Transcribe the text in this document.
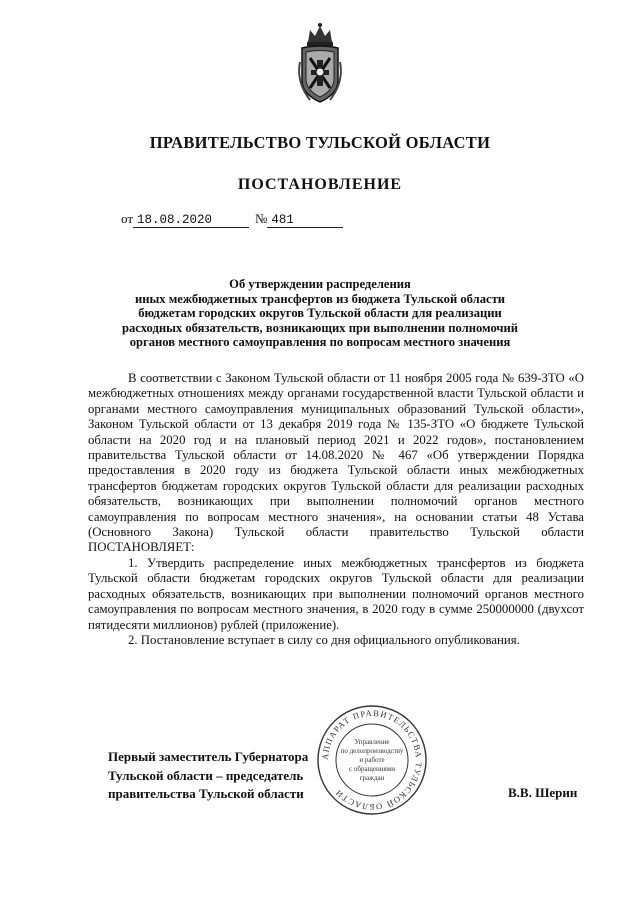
ПРАВИТЕЛЬСТВО ТУЛЬСКОЙ ОБЛАСТИ
ПОСТАНОВЛЕНИЕ
от 18.08.2020	№ 481
Об утверждении распределения
иных межбюджетных трансфертов из бюджета Тульской области
бюджетам городских округов Тульской области для реализации
расходных обязательств, возникающих при выполнении полномочий
органов местного самоуправления по вопросам местного значения

В соответствии с Законом Тульской области от 11 ноября 2005 года № 639-ЗТО «О межбюджетных отношениях между органами государственной власти Тульской области и органами местного самоуправления муниципальных образований Тульской области», Законом Тульской области от 13 декабря 2019 года № 135-ЗТО «О бюджете Тульской области на 2020 год и на плановый период 2021 и 2022 годов», постановлением правительства Тульской области от 14.08.2020 № 467 «Об утверждении Порядка предоставления в 2020 году из бюджета Тульской области иных межбюджетных трансфертов бюджетам городских округов Тульской области для реализации расходных обязательств, возникающих при выполнении полномочий органов местного самоуправления по вопросам местного значения», на основании статьи 48 Устава (Основного Закона) Тульской области правительство Тульской области ПОСТАНОВЛЯЕТ:

1. Утвердить распределение иных межбюджетных трансфертов из бюджета Тульской области бюджетам городских округов Тульской области для реализации расходных обязательств, возникающих при выполнении полномочий органов местного самоуправления по вопросам местного значения, в 2020 году в сумме 250000000 (двухсот пятидесяти миллионов) рублей (приложение).

2. Постановление вступает в силу со дня официального опубликования.

Первый заместитель Губернатора
Тульской области – председатель
правительства Тульской области
АППАРАТ ПРАВИТЕЛЬСТВА ТУЛЬСКОЙ ОБЛАСТИ
Управление
по делопроизводству
и работе
с обращениями
граждан
В.В. Шерин
